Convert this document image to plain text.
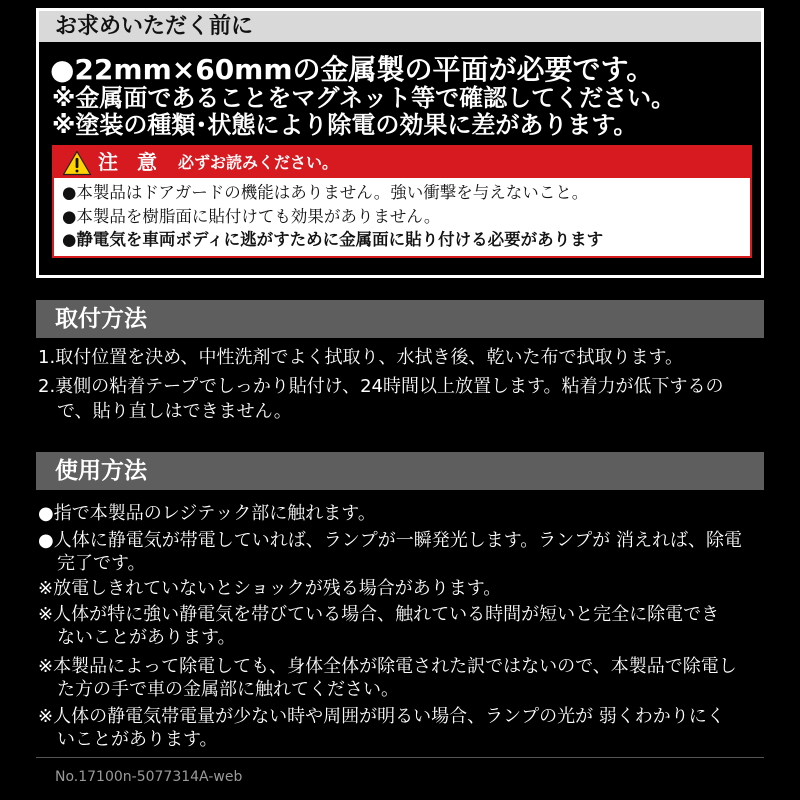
お求めいただく前に
●22mm×60mmの金属製の平面が必要です。
※金属面であることをマグネット等で確認してください。
※塗装の種類･状態により除電の効果に差があります。
注 意 必ずお読みください。
●本製品はドアガードの機能はありません。強い衝撃を与えないこと。
●本製品を樹脂面に貼付けても効果がありません。
●静電気を車両ボディに逃がすために金属面に貼り付ける必要があります
取付方法
1.取付位置を決め、中性洗剤でよく拭取り、水拭き後、乾いた布で拭取ります。
2.裏側の粘着テープでしっかり貼付け、24時間以上放置します。粘着力が低下するの
で、貼り直しはできません。
使用方法
●指で本製品のレジテック部に触れます。
●人体に静電気が帯電していれば、ランプが一瞬発光します。ランプが 消えれば、除電
完了です。
※放電しきれていないとショックが残る場合があります。
※人体が特に強い静電気を帯びている場合、触れている時間が短いと完全に除電でき
ないことがあります。
※本製品によって除電しても、身体全体が除電された訳ではないので、本製品で除電し
た方の手で車の金属部に触れてください。
※人体の静電気帯電量が少ない時や周囲が明るい場合、ランプの光が 弱くわかりにく
いことがあります。
No.17100n-5077314A-web
